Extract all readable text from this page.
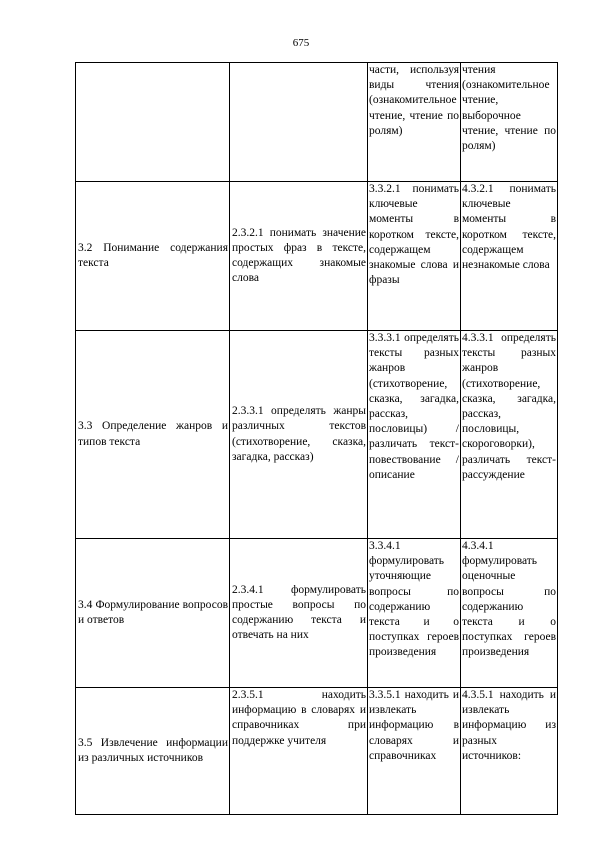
675
		части, используя виды чтения (ознакомительное чтение, чтение по ролям)	чтения (ознакомительное чтение, выборочное чтение, чтение по ролям)
3.2 Понимание содержания текста	2.3.2.1 понимать значение простых фраз в тексте, содержащих знакомые слова	3.3.2.1 понимать ключевые моменты в коротком тексте, содержащем знакомые слова и фразы	4.3.2.1 понимать ключевые моменты в коротком тексте, содержащем незнакомые слова
3.3 Определение жанров и типов текста	2.3.3.1 определять жанры различных текстов (стихотворение, сказка, загадка, рассказ)	3.3.3.1 определять тексты разных жанров (стихотворение, сказка, загадка, рассказ, пословицы) / различать текст-повествование / описание	4.3.3.1 определять тексты разных жанров (стихотворение, сказка, загадка, рассказ, пословицы, скороговорки), различать текст-рассуждение
3.4 Формулирование вопросов и ответов	2.3.4.1 формулировать простые вопросы по содержанию текста и отвечать на них	3.3.4.1 формулировать уточняющие вопросы по содержанию текста и о поступках героев произведения	4.3.4.1 формулировать оценочные вопросы по содержанию текста и о поступках героев произведения
3.5 Извлечение информации из различных источников	2.3.5.1 находить информацию в словарях и справочниках при поддержке учителя	3.3.5.1 находить и извлекать информацию в словарях и справочниках	4.3.5.1 находить и извлекать информацию из разных источников:
